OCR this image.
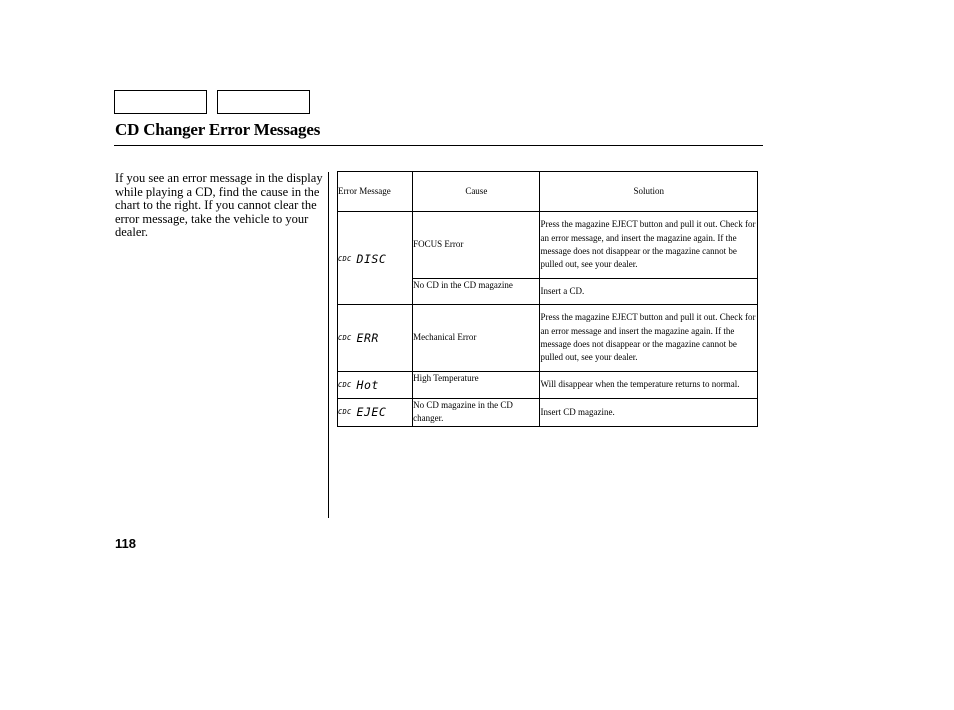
CD Changer Error Messages
If you see an error message in the display while playing a CD, find the cause in the chart to the right. If you cannot clear the error message, take the vehicle to your dealer.
Error Message	Cause	Solution

CDC DISC	FOCUS Error	Press the magazine EJECT button and pull it out. Check for an error message, and insert the magazine again. If the message does not disappear or the magazine cannot be pulled out, see your dealer.
	No CD in the CD magazine	Insert a CD.

CDC ERR	Mechanical Error	Press the magazine EJECT button and pull it out. Check for an error message and insert the magazine again. If the message does not disappear or the magazine cannot be pulled out, see your dealer.

CDC Hot	High Temperature	Will disappear when the temperature returns to normal.

CDC EJEC	No CD magazine in the CD changer.	Insert CD magazine.
118
